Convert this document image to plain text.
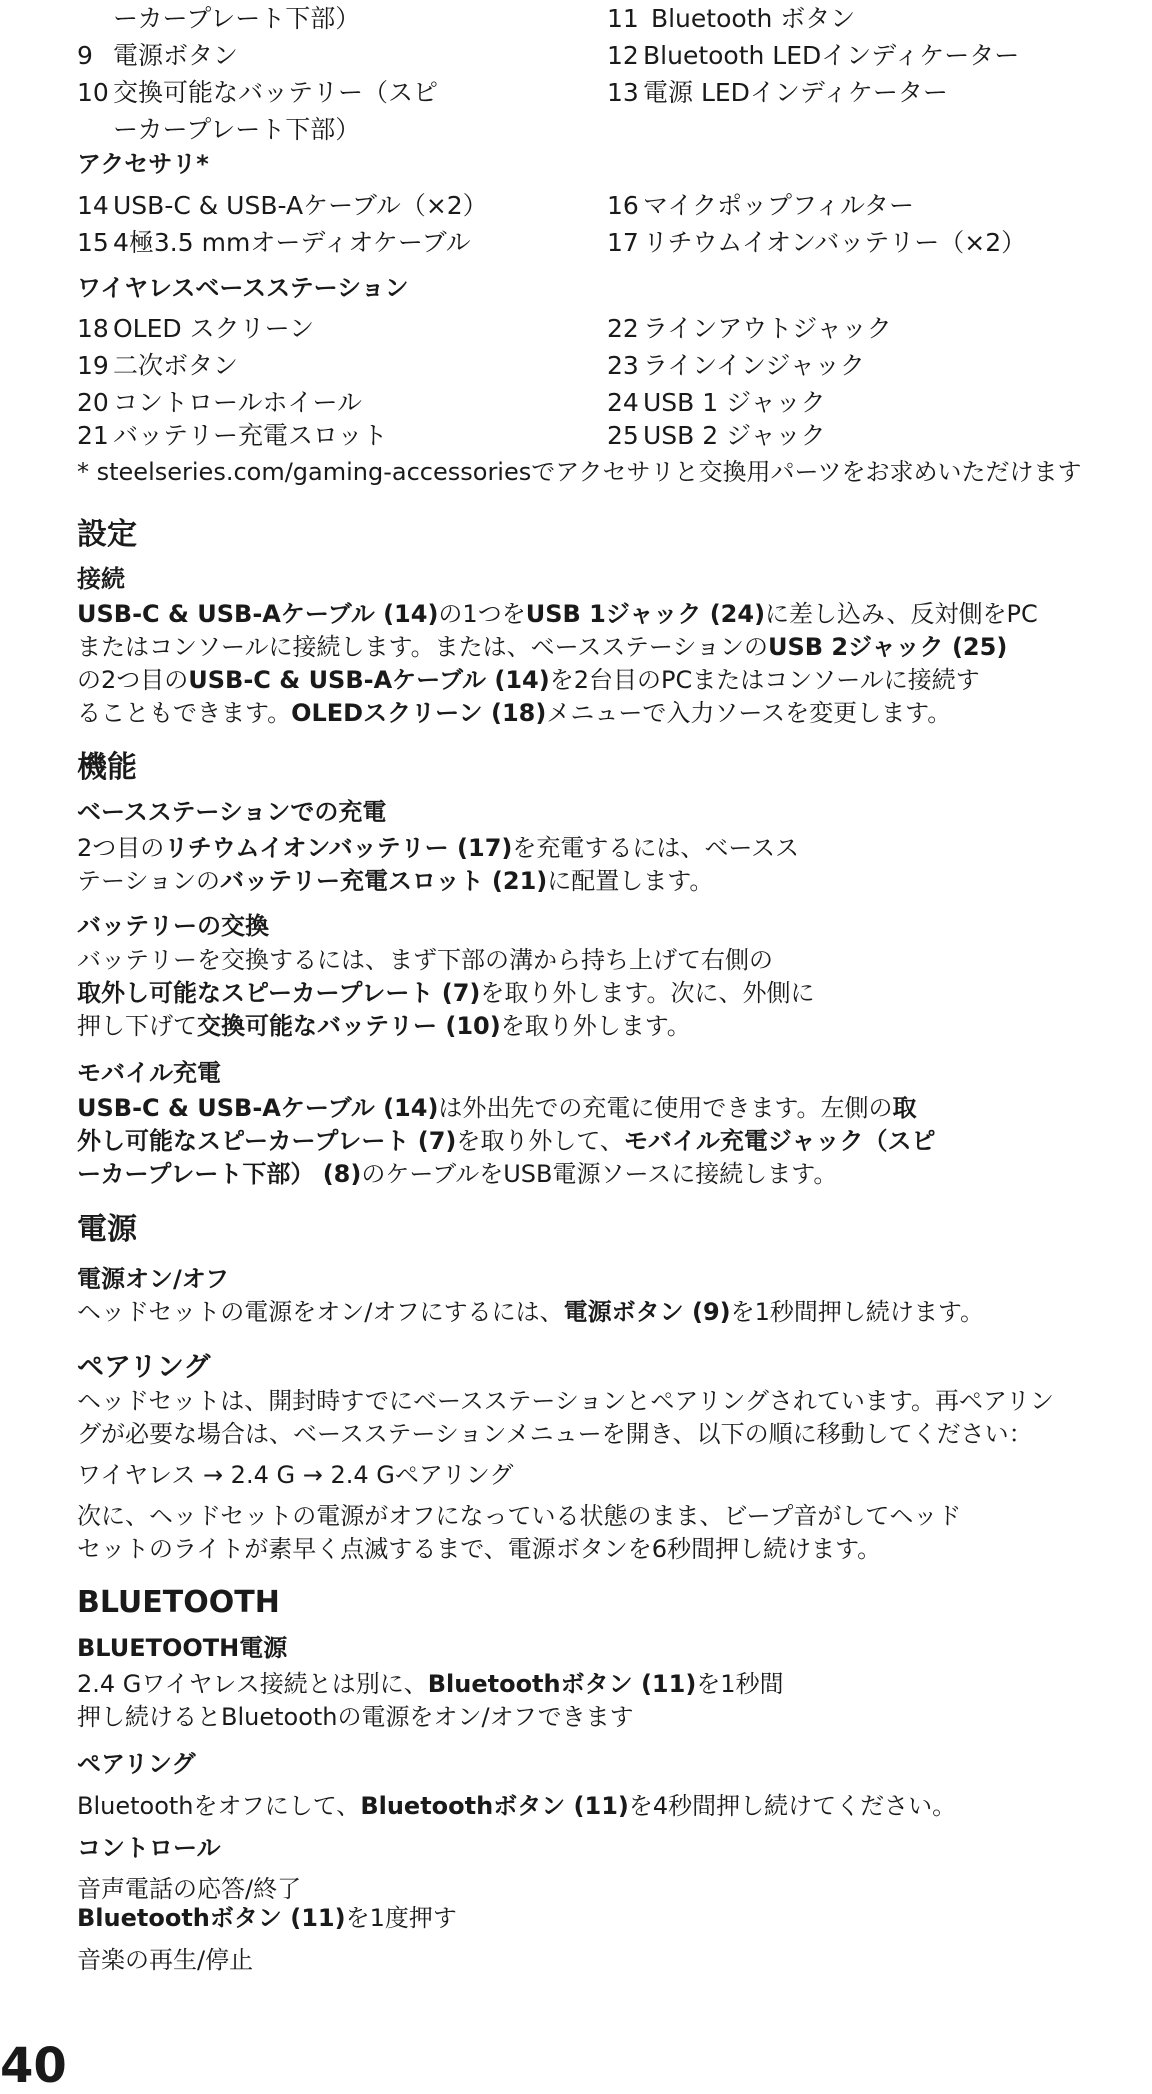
ーカープレート下部）	11 Bluetooth ボタン
9 電源ボタン	12 Bluetooth LEDインディケーター
10 交換可能なバッテリー（スピ	13 電源 LEDインディケーター
ーカープレート下部）
アクセサリ*
14 USB-C & USB-Aケーブル（×2）	16 マイクポップフィルター
15 4極3.5 mmオーディオケーブル	17 リチウムイオンバッテリー（×2）
ワイヤレスベースステーション
18 OLED スクリーン	22 ラインアウトジャック
19 二次ボタン	23 ラインインジャック
20 コントロールホイール	24 USB 1 ジャック
21 バッテリー充電スロット	25 USB 2 ジャック
* steelseries.com/gaming-accessoriesでアクセサリと交換用パーツをお求めいただけます
設定
接続

USB-C & USB-Aケーブル (14)の1つをUSB 1ジャック (24)に差し込み、反対側をPC
またはコンソールに接続します。または、ベースステーションのUSB 2ジャック (25)
の2つ目のUSB-C & USB-Aケーブル (14)を2台目のPCまたはコンソールに接続す
ることもできます。OLEDスクリーン (18)メニューで入力ソースを変更します。

機能
ベースステーションでの充電

2つ目のリチウムイオンバッテリー (17)を充電するには、ベースス
テーションのバッテリー充電スロット (21)に配置します。

バッテリーの交換

バッテリーを交換するには、まず下部の溝から持ち上げて右側の
取外し可能なスピーカープレート (7)を取り外します。次に、外側に
押し下げて交換可能なバッテリー (10)を取り外します。

モバイル充電

USB-C & USB-Aケーブル (14)は外出先での充電に使用できます。左側の取
外し可能なスピーカープレート (7)を取り外して、モバイル充電ジャック（スピ
ーカープレート下部） (8)のケーブルをUSB電源ソースに接続します。

電源
電源オン/オフ

ヘッドセットの電源をオン/オフにするには、電源ボタン (9)を1秒間押し続けます。

ペアリング

ヘッドセットは、開封時すでにベースステーションとペアリングされています。再ペアリン
グが必要な場合は、ベースステーションメニューを開き、以下の順に移動してください：

ワイヤレス → 2.4 G → 2.4 Gペアリング

次に、ヘッドセットの電源がオフになっている状態のまま、ビープ音がしてヘッド
セットのライトが素早く点滅するまで、電源ボタンを6秒間押し続けます。

BLUETOOTH
BLUETOOTH電源

2.4 Gワイヤレス接続とは別に、Bluetoothボタン (11)を1秒間
押し続けるとBluetoothの電源をオン/オフできます

ペアリング

Bluetoothをオフにして、Bluetoothボタン (11)を4秒間押し続けてください。

コントロール

音声電話の応答/終了
Bluetoothボタン (11)を1度押す

音楽の再生/停止
40
